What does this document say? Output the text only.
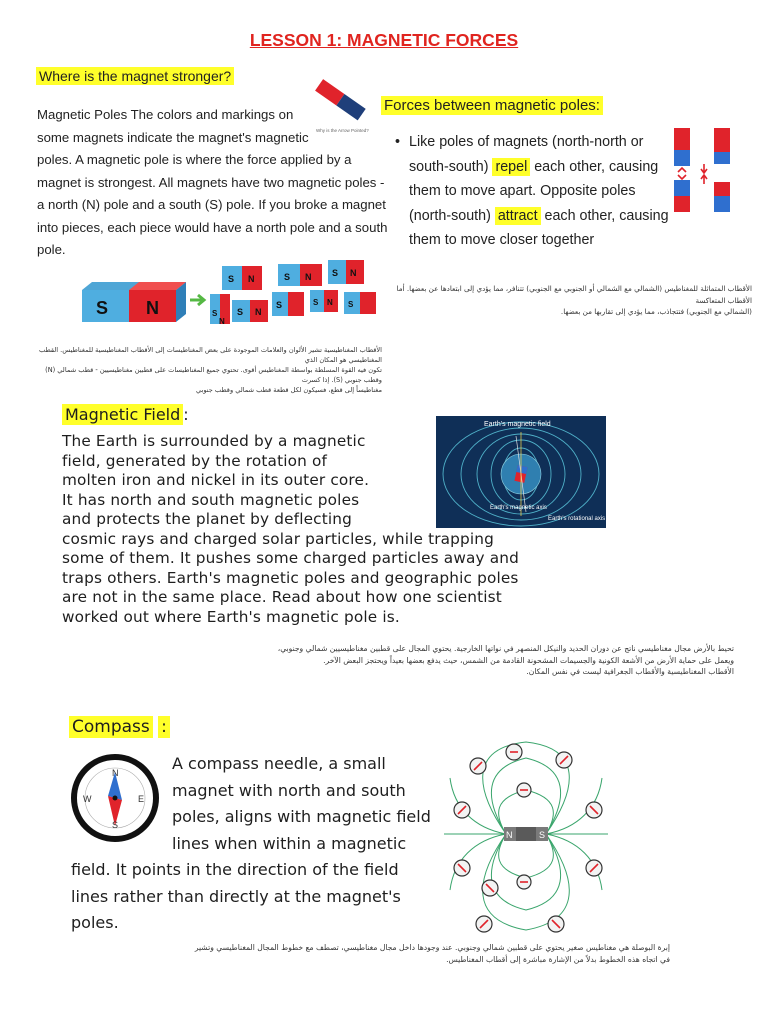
LESSON 1: MAGNETIC FORCES
Where is the magnet stronger?
Magnetic Poles The colors and markings on
some magnets indicate the magnet's magnetic
poles. A magnetic pole is where the force applied by a
magnet is strongest. All magnets have two magnetic poles -
a north (N) pole and a south (S) pole. If you broke a magnet
into pieces, each piece would have a north pole and a south
pole.
Why is the Arrow Pointed?
Forces between magnetic poles:
• Like poles of magnets (north-north or
south-south) repel each other, causing
them to move apart. Opposite poles
(north-south) attract each other, causing
them to move closer together
الأقطاب المتماثلة للمغناطيس (الشمالي مع الشمالي أو الجنوبي مع الجنوبي) تتنافر، مما يؤدي إلى ابتعادها عن بعضها. أما الأقطاب المتعاكسة
(الشمالي مع الجنوبي) فتتجاذب، مما يؤدي إلى تقاربها من بعضها.
S N	S
N
S N
S N
S N
S	S N
S N
S
الأقطاب المغناطيسية تشير الألوان والعلامات الموجودة على بعض المغناطيسات إلى الأقطاب المغناطيسية للمغناطيس. القطب المغناطيسي هو المكان الذي
تكون فيه القوة المسلطة بواسطة المغناطيس أقوى. تحتوي جميع المغناطيسات على قطبين مغناطيسيين - قطب شمالي (N) وقطب جنوبي (S). إذا كسرت
مغناطيساً إلى قطع، فسيكون لكل قطعة قطب شمالي وقطب جنوبي
Magnetic Field :
The Earth is surrounded by a magnetic
field, generated by the rotation of
molten iron and nickel in its outer core.
It has north and south magnetic poles
and protects the planet by deflecting
cosmic rays and charged solar particles, while trapping
some of them. It pushes some charged particles away and
traps others. Earth's magnetic poles and geographic poles
are not in the same place. Read about how one scientist
worked out where Earth's magnetic pole is.
Earth's magnetic field
Earth's magnetic axis
Earth's rotational axis
تحيط بالأرض مجال مغناطيسي ناتج عن دوران الحديد والنيكل المنصهر في نواتها الخارجية. يحتوي المجال على قطبين مغناطيسيين شمالي وجنوبي،
ويعمل على حماية الأرض من الأشعة الكونية والجسيمات المشحونة القادمة من الشمس، حيث يدفع بعضها بعيداً ويحتجز البعض الآخر.
الأقطاب المغناطيسية والأقطاب الجغرافية ليست في نفس المكان.
Compass :
N
S
E
W
A compass needle, a small
magnet with north and south
poles, aligns with magnetic field
lines when within a magnetic
field. It points in the direction of the field
lines rather than directly at the magnet's
poles.
N	S
إبرة البوصلة هي مغناطيس صغير يحتوي على قطبين شمالي وجنوبي. عند وجودها داخل مجال مغناطيسي، تصطف مع خطوط المجال المغناطيسي وتشير
في اتجاه هذه الخطوط بدلاً من الإشارة مباشرة إلى أقطاب المغناطيس.
